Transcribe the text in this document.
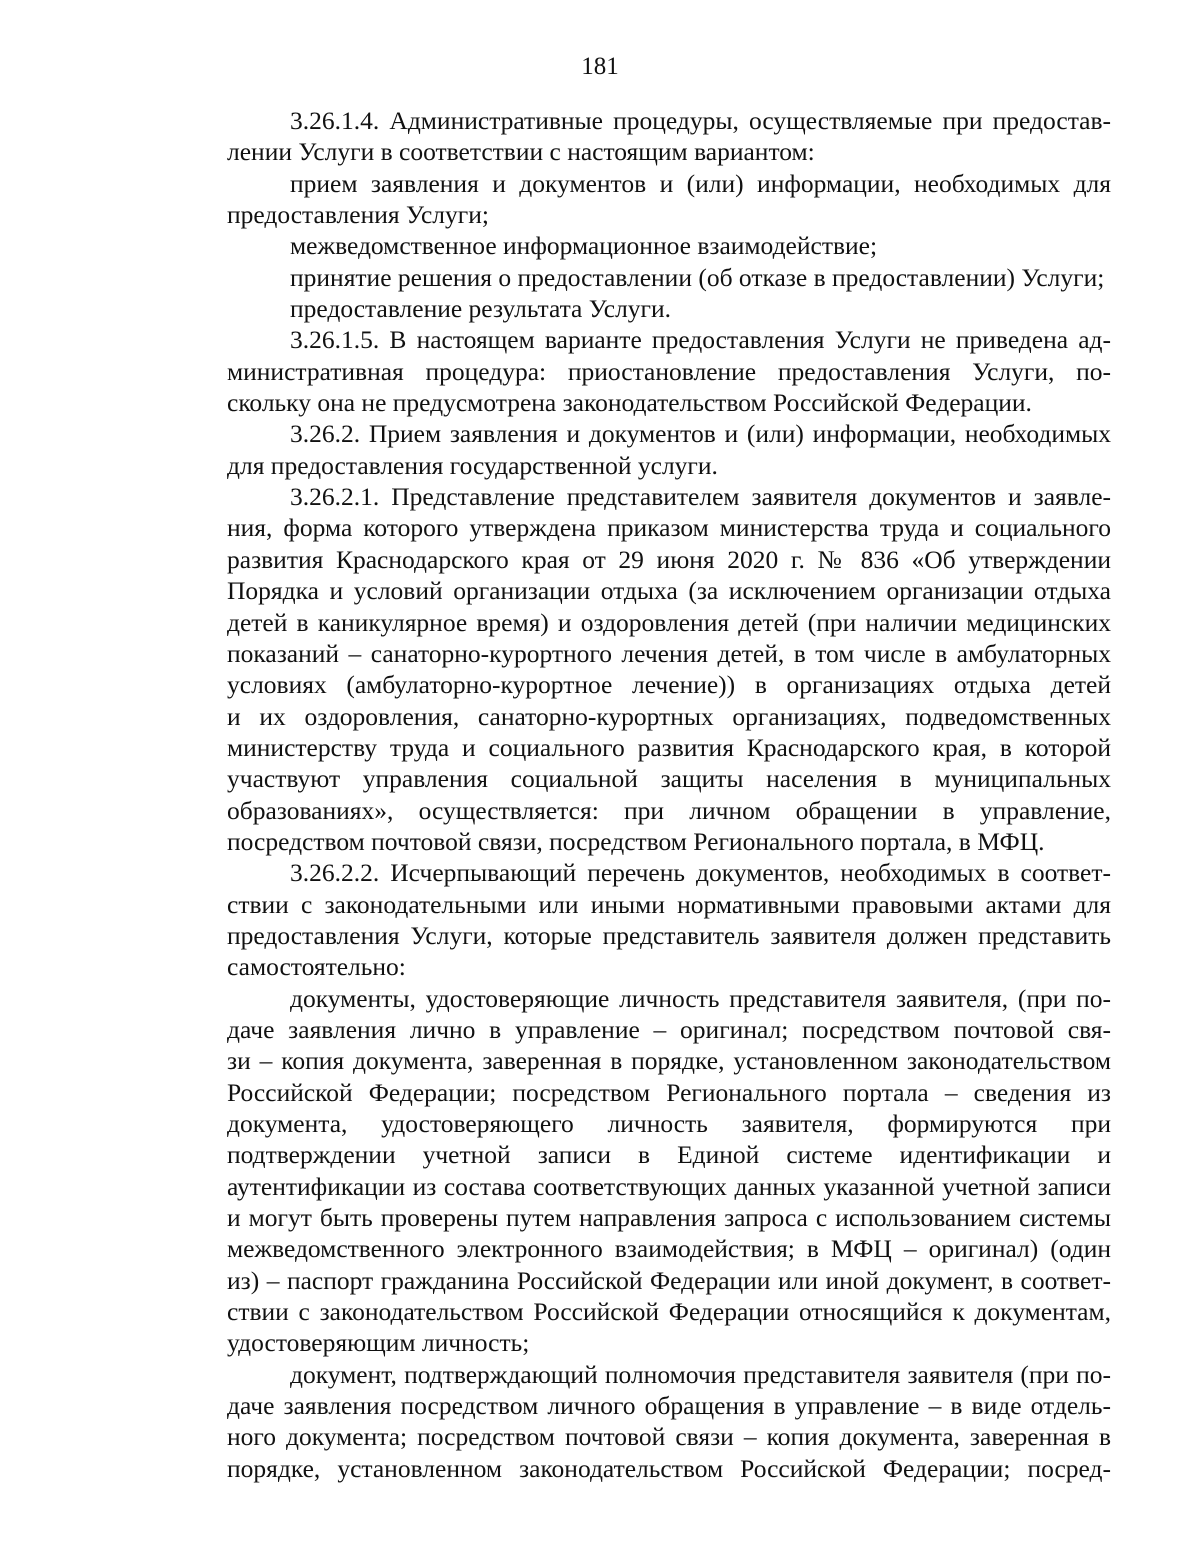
181
3.26.1.4. Административные процедуры, осуществляемые при предостав-
лении Услуги в соответствии с настоящим вариантом:
прием заявления и документов и (или) информации, необходимых для
предоставления Услуги;
межведомственное информационное взаимодействие;
принятие решения о предоставлении (об отказе в предоставлении) Услуги;
предоставление результата Услуги.
3.26.1.5. В настоящем варианте предоставления Услуги не приведена ад-
министративная процедура: приостановление предоставления Услуги, по-
скольку она не предусмотрена законодательством Российской Федерации.
3.26.2. Прием заявления и документов и (или) информации, необходимых
для предоставления государственной услуги.
3.26.2.1. Представление представителем заявителя документов и заявле-
ния, форма которого утверждена приказом министерства труда и социального
развития Краснодарского края от 29 июня 2020 г. № 836 «Об утверждении
Порядка и условий организации отдыха (за исключением организации отдыха
детей в каникулярное время) и оздоровления детей (при наличии медицинских
показаний – санаторно-курортного лечения детей, в том числе в амбулаторных
условиях (амбулаторно-курортное лечение)) в организациях отдыха детей
и их оздоровления, санаторно-курортных организациях, подведомственных
министерству труда и социального развития Краснодарского края, в которой
участвуют управления социальной защиты населения в муниципальных
образованиях», осуществляется: при личном обращении в управление,
посредством почтовой связи, посредством Регионального портала, в МФЦ.
3.26.2.2. Исчерпывающий перечень документов, необходимых в соответ-
ствии с законодательными или иными нормативными правовыми актами для
предоставления Услуги, которые представитель заявителя должен представить
самостоятельно:
документы, удостоверяющие личность представителя заявителя, (при по-
даче заявления лично в управление – оригинал; посредством почтовой свя-
зи – копия документа, заверенная в порядке, установленном законодательством
Российской Федерации; посредством Регионального портала – сведения из
документа, удостоверяющего личность заявителя, формируются при
подтверждении учетной записи в Единой системе идентификации и
аутентификации из состава соответствующих данных указанной учетной записи
и могут быть проверены путем направления запроса с использованием системы
межведомственного электронного взаимодействия; в МФЦ – оригинал) (один
из) – паспорт гражданина Российской Федерации или иной документ, в соответ-
ствии с законодательством Российской Федерации относящийся к документам,
удостоверяющим личность;
документ, подтверждающий полномочия представителя заявителя (при по-
даче заявления посредством личного обращения в управление – в виде отдель-
ного документа; посредством почтовой связи – копия документа, заверенная в
порядке, установленном законодательством Российской Федерации; посред-
